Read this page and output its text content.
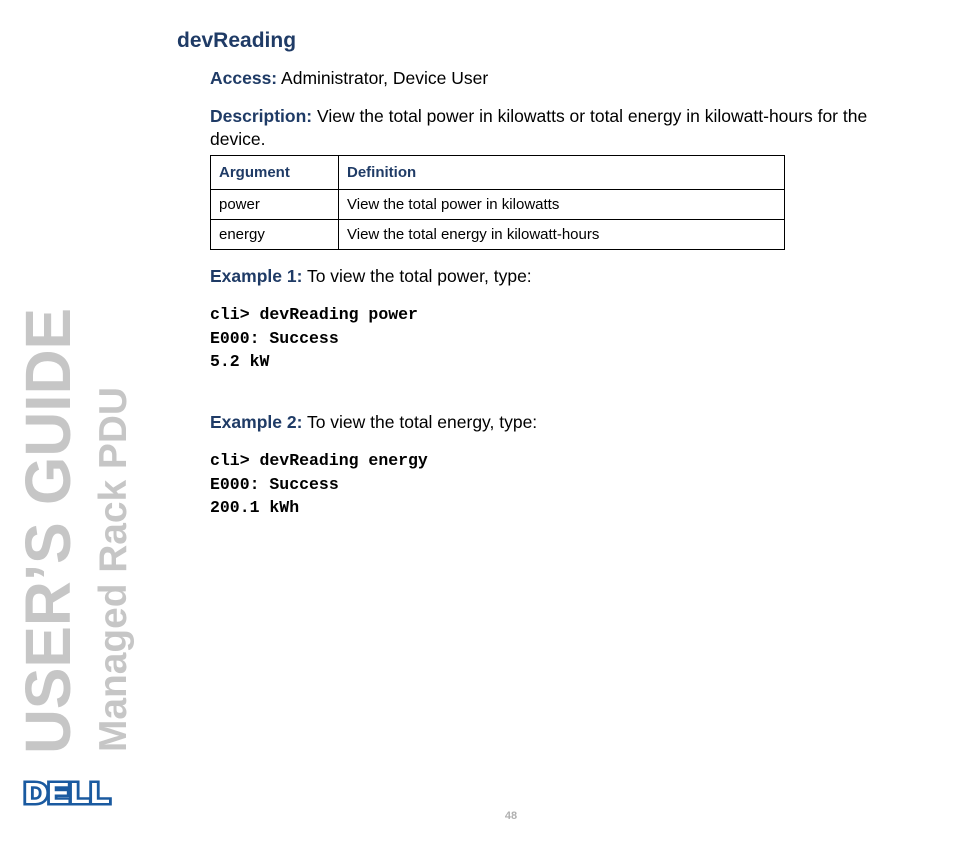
devReading
Access: Administrator, Device User
Description: View the total power in kilowatts or total energy in kilowatt-hours for the device.
Argument	Definition
power	View the total power in kilowatts
energy	View the total energy in kilowatt-hours
Example 1: To view the total power, type:
cli> devReading power
E000: Success
5.2 kW
Example 2: To view the total energy, type:
cli> devReading energy
E000: Success
200.1 kWh
USER’S GUIDE Managed Rack PDU
DELL
48
